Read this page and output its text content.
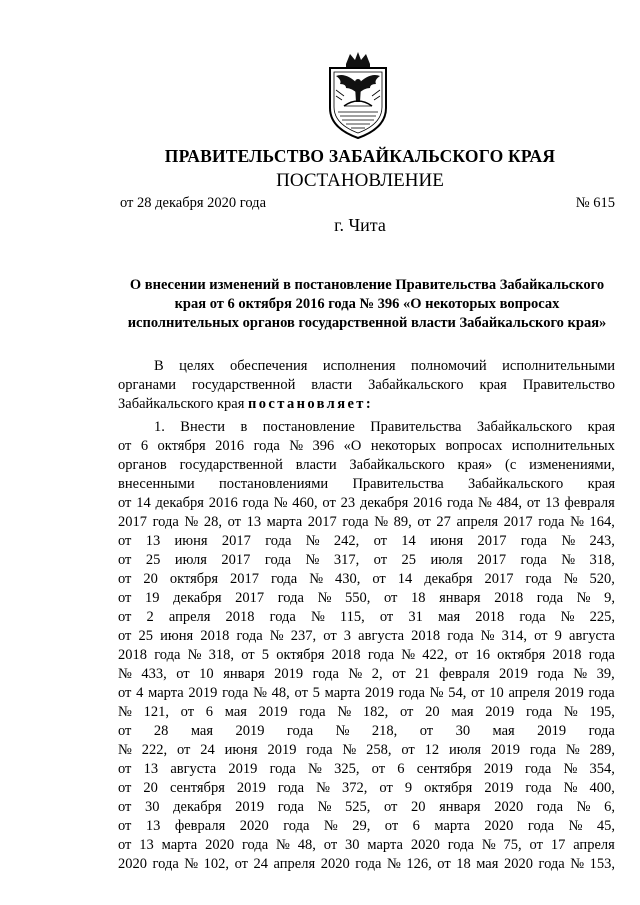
ПРАВИТЕЛЬСТВО ЗАБАЙКАЛЬСКОГО КРАЯ
ПОСТАНОВЛЕНИЕ
от 28 декабря 2020 года	№ 615
г. Чита
О внесении изменений в постановление Правительства Забайкальского
края от 6 октября 2016 года № 396 «О некоторых вопросах
исполнительных органов государственной власти Забайкальского края»
В целях обеспечения исполнения полномочий исполнительными
органами государственной власти Забайкальского края Правительство
Забайкальского края
постановляет :
1. Внести в постановление Правительства Забайкальского края
от 6 октября 2016 года № 396 «О некоторых вопросах исполнительных
органов государственной власти Забайкальского края» (с изменениями,
внесенными постановлениями Правительства Забайкальского края
от 14 декабря 2016 года № 460, от 23 декабря 2016 года № 484, от 13 февраля
2017 года № 28, от 13 марта 2017 года № 89, от 27 апреля 2017 года № 164,
от 13 июня 2017 года № 242, от 14 июня 2017 года № 243,
от 25 июля 2017 года № 317, от 25 июля 2017 года № 318,
от 20 октября 2017 года № 430, от 14 декабря 2017 года № 520,
от 19 декабря 2017 года № 550, от 18 января 2018 года № 9,
от 2 апреля 2018 года № 115, от 31 мая 2018 года № 225,
от 25 июня 2018 года № 237, от 3 августа 2018 года № 314, от 9 августа
2018 года № 318, от 5 октября 2018 года № 422, от 16 октября 2018 года
№ 433, от 10 января 2019 года № 2, от 21 февраля 2019 года № 39,
от 4 марта 2019 года № 48, от 5 марта 2019 года № 54, от 10 апреля 2019 года
№ 121, от 6 мая 2019 года № 182, от 20 мая 2019 года № 195,
от 28 мая 2019 года № 218, от 30 мая 2019 года
№ 222, от 24 июня 2019 года № 258, от 12 июля 2019 года № 289,
от 13 августа 2019 года № 325, от 6 сентября 2019 года № 354,
от 20 сентября 2019 года № 372, от 9 октября 2019 года № 400,
от 30 декабря 2019 года № 525, от 20 января 2020 года № 6,
от 13 февраля 2020 года № 29, от 6 марта 2020 года № 45,
от 13 марта 2020 года № 48, от 30 марта 2020 года № 75, от 17 апреля
2020 года № 102, от 24 апреля 2020 года № 126, от 18 мая 2020 года № 153,
